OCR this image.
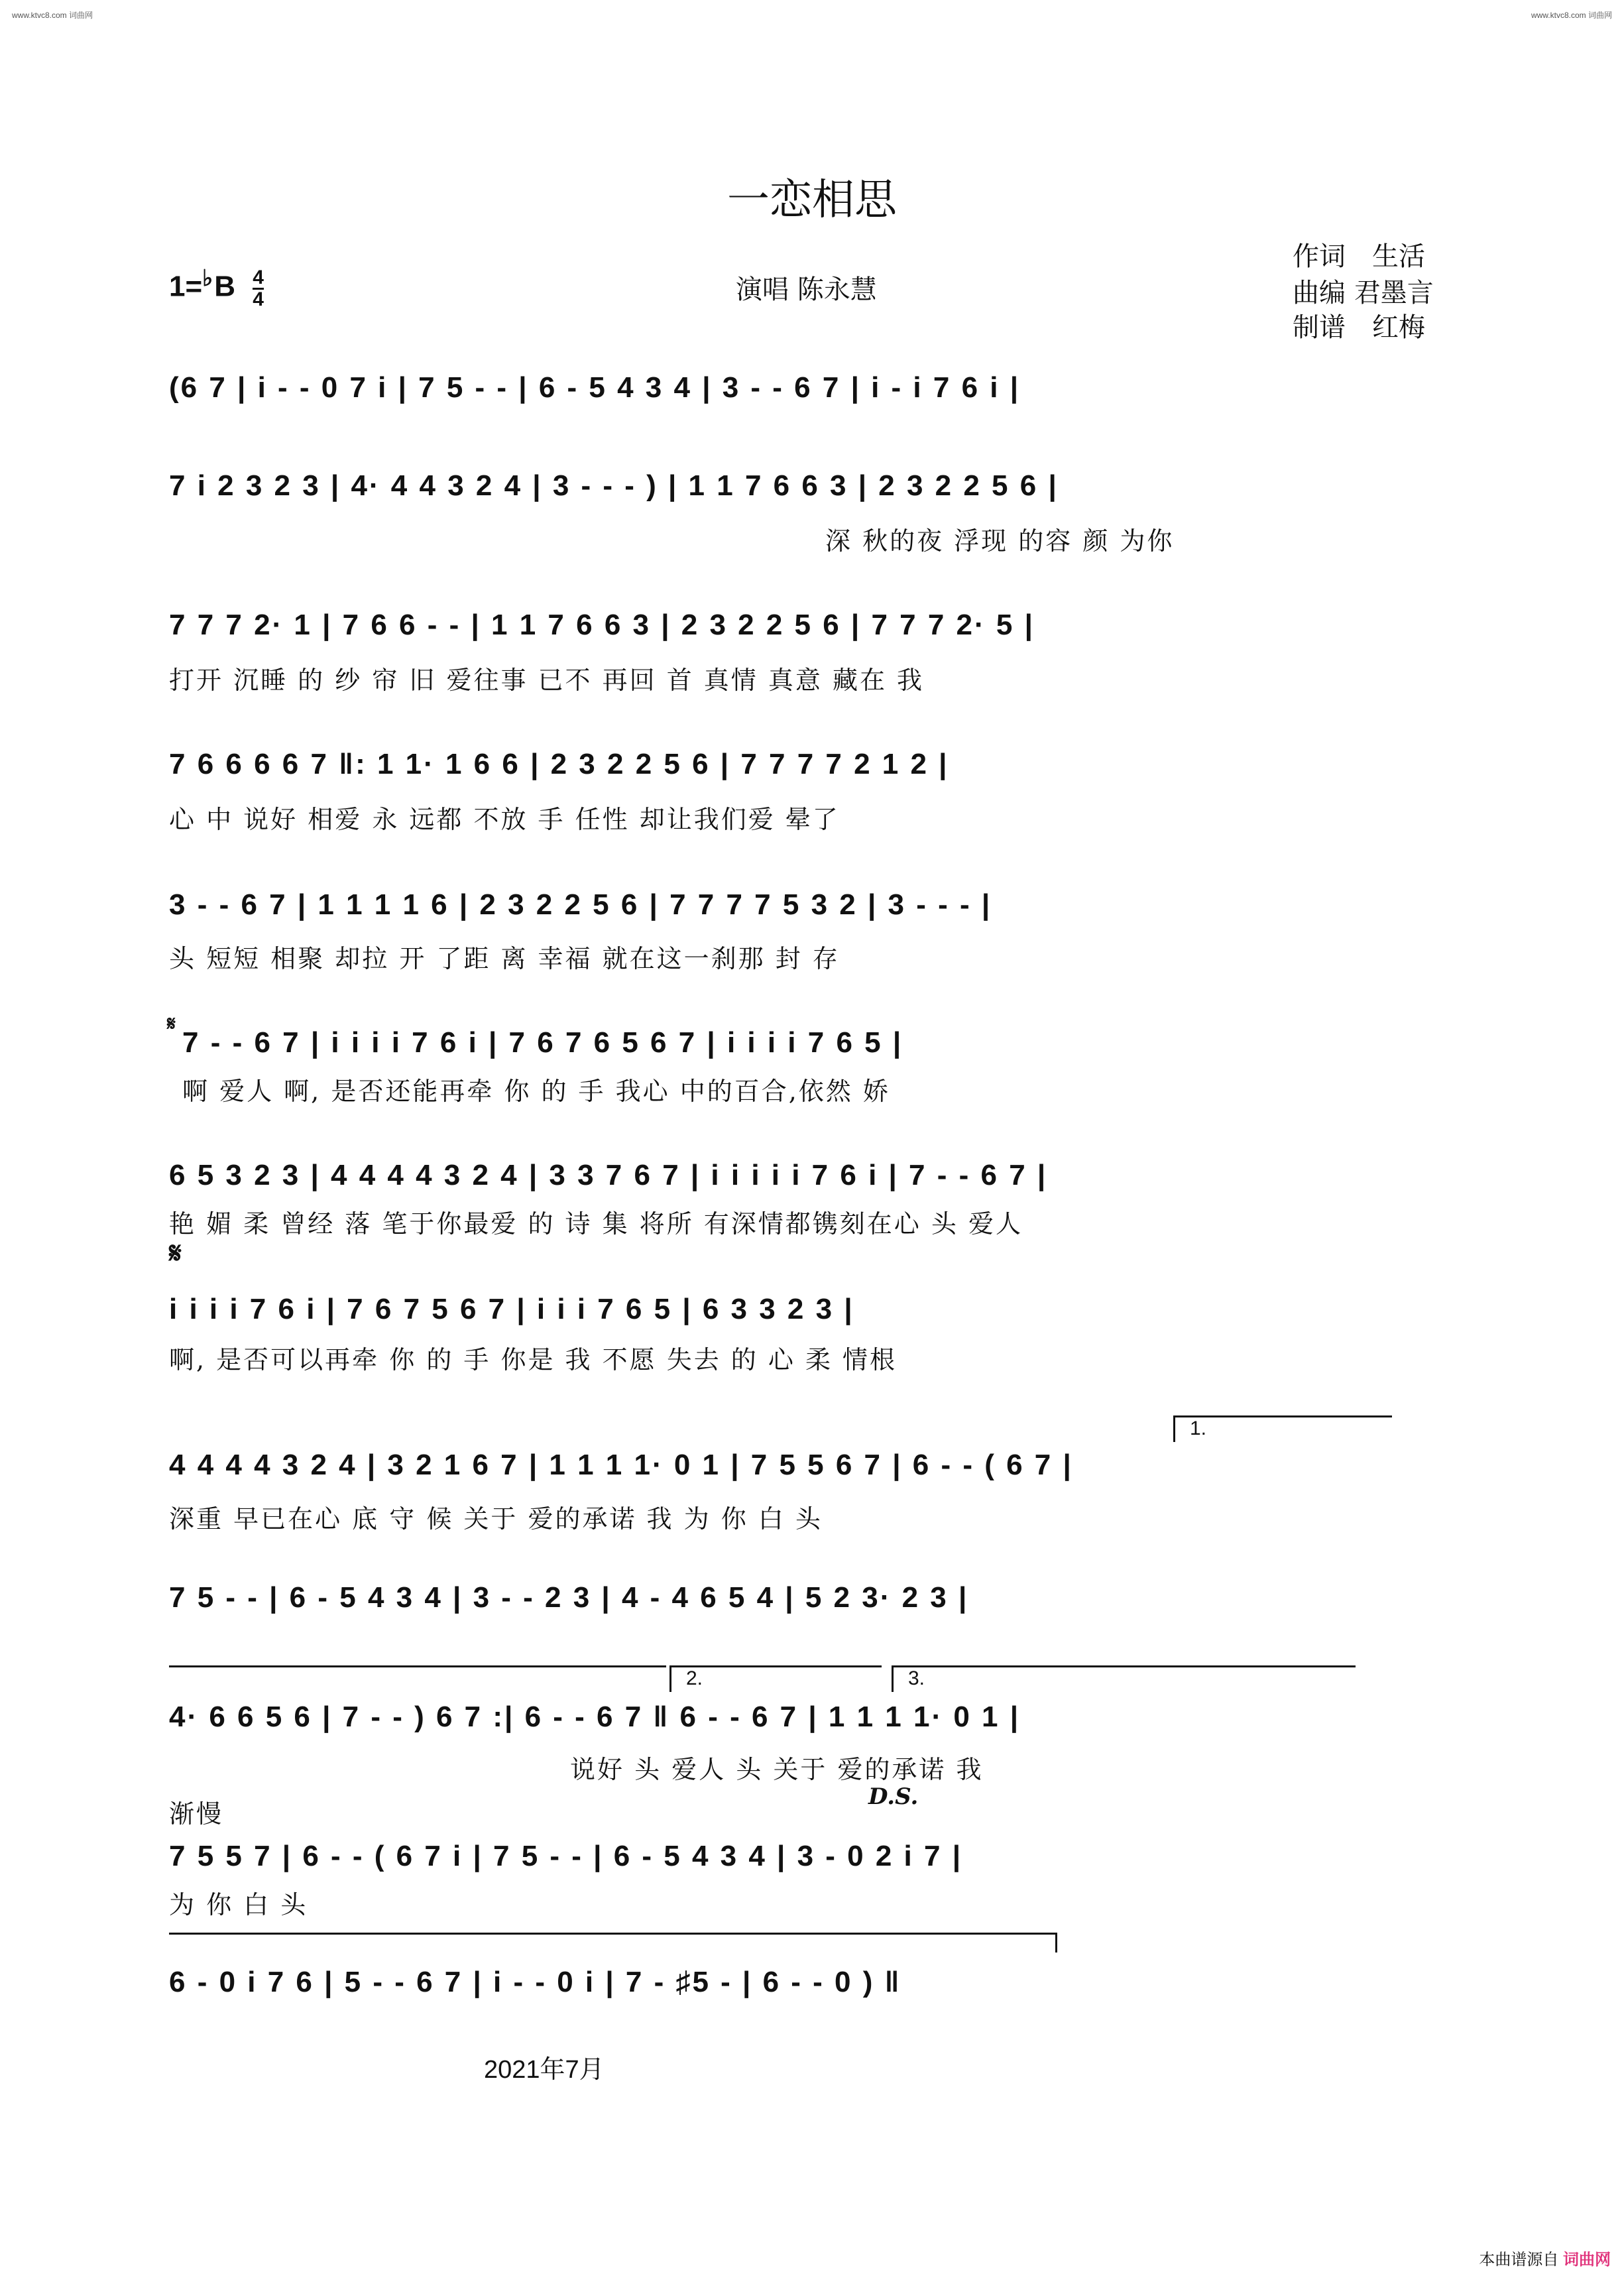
www.ktvc8.com 词曲网	www.ktvc8.com 词曲网
一恋相思
$1=^♭B \frac{4}{4}$	演唱 陈永慧
作词　生活
曲编 君墨言
制谱　红梅
(6 7 | i - - 0 7 i | 7 5 - - | 6 - 5 4 3 4 | 3 - - 6 7 | i - i 7 6 i |
7 i 2 3 2 3 | 4· 4 4 3 2 4 | 3 - - - ) | 1 1 7 6 6 3 | 2 3 2 2 5 6 |
深 秋的夜 浮现 的容 颜 为你
7 7 7 2· 1 | 7 6 6 - - | 1 1 7 6 6 3 | 2 3 2 2 5 6 | 7 7 7 2· 5 |
打开 沉睡 的 纱 帘 旧 爱往事 已不 再回 首 真情 真意 藏在 我
7 6 6 6 6 7 ‖: 1 1· 1 6 6 | 2 3 2 2 5 6 | 7 7 7 7 2 1 2 |
心 中 说好 相爱 永 远都 不放 手 任性 却让我们爱 晕了
3 - - 6 7 | 1 1 1 1 6 | 2 3 2 2 5 6 | 7 7 7 7 5 3 2 | 3 - - - |
头 短短 相聚 却拉 开 了距 离 幸福 就在这一刹那 封 存
𝄋
7 - - 6 7 | i i i i 7 6 i | 7 6 7 6 5 6 7 | i i i i 7 6 5 |
啊 爱人 啊, 是否还能再牵 你 的 手 我心 中的百合,依然 娇
6 5 3 2 3 | 4 4 4 4 3 2 4 | 3 3 7 6 7 | i i i i i 7 6 i | 7 - - 6 7 |
艳 媚 柔 曾经 落 笔于你最爱 的 诗 集 将所 有深情都镌刻在心 头 爱人
𝄋
i i i i 7 6 i | 7 6 7 5 6 7 | i i i 7 6 5 | 6 3 3 2 3 |
啊, 是否可以再牵 你 的 手 你是 我 不愿 失去 的 心 柔 情根
1.
4 4 4 4 3 2 4 | 3 2 1 6 7 | 1 1 1 1· 0 1 | 7 5 5 6 7 | 6 - - ( 6 7 |
深重 早已在心 底 守 候 关于 爱的承诺 我 为 你 白 头
7 5 - - | 6 - 5 4 3 4 | 3 - - 2 3 | 4 - 4 6 5 4 | 5 2 3· 2 3 |
2.	3.
4· 6 6 5 6 | 7 - - ) 6 7 :| 6 - - 6 7 ‖ 6 - - 6 7 | 1 1 1 1· 0 1 |
说好 头 爱人 头 关于 爱的承诺 我
D.S.
渐慢
7 5 5 7 | 6 - - ( 6 7 i | 7 5 - - | 6 - 5 4 3 4 | 3 - 0 2 i 7 |
为 你 白 头
6 - 0 i 7 6 | 5 - - 6 7 | i - - 0 i | 7 - ♯5 - | 6 - - 0 ) ‖
2021年7月
本曲谱源自 词曲网
